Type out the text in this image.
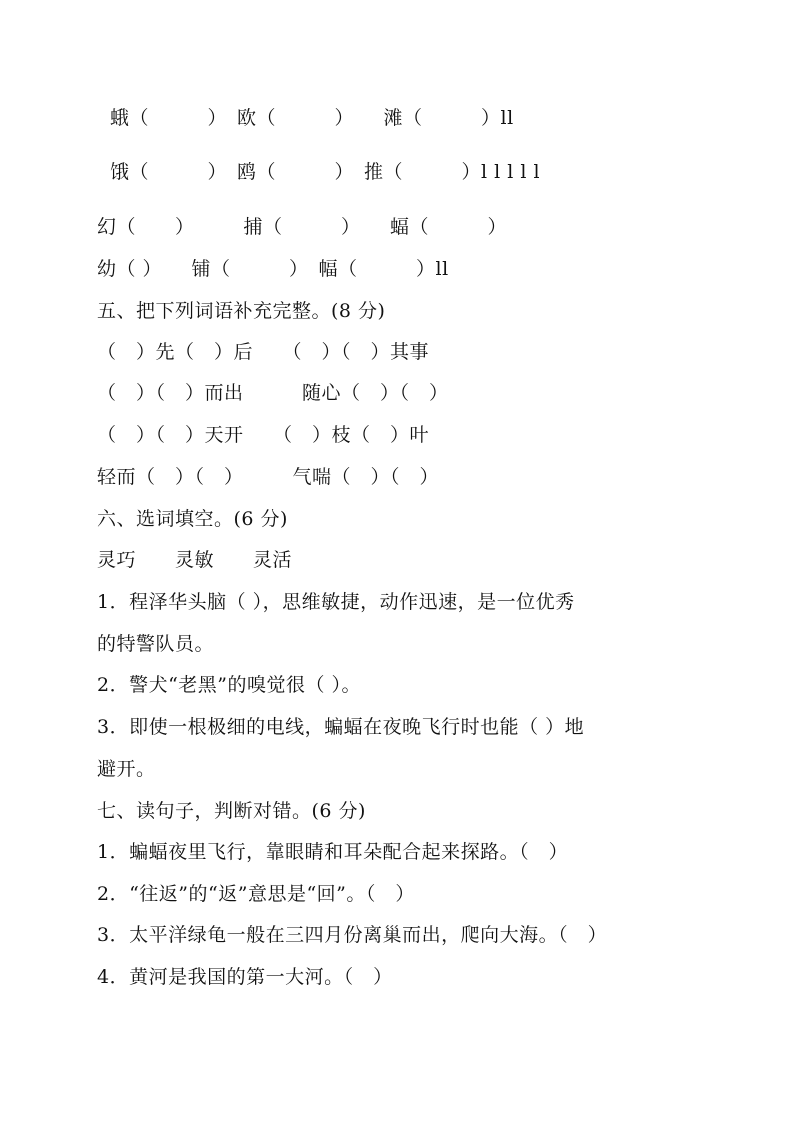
蛾（　　　）　欧（　　　）　　滩（　　　）ll
饿（　　　）　鸥（　　　）　推（　　　）l l l l l
幻（　　）　　　捕（　　　）　　蝠（　　　）
幼（ ）　　铺（　　　）　幅（　　　）ll
五、把下列词语补充完整。(8 分)
（　）先（　）后　　（　）（　）其事
（　）（　）而出　　　随心（　）（　）
（　）（　）天开　　（　）枝（　）叶
轻而（　）（　）　　　气喘（　）（　）
六、选词填空。(6 分)
灵巧　　灵敏　　灵活
1．程泽华头脑（ ），思维敏捷，动作迅速，是一位优秀
的特警队员。
2．警犬“老黑”的嗅觉很（ ）。
3．即使一根极细的电线，蝙蝠在夜晚飞行时也能（ ）地
避开。
七、读句子，判断对错。(6 分)
1．蝙蝠夜里飞行，靠眼睛和耳朵配合起来探路。（　）
2．“往返”的“返”意思是“回”。（　）
3．太平洋绿龟一般在三四月份离巢而出，爬向大海。（　）
4．黄河是我国的第一大河。（　）
